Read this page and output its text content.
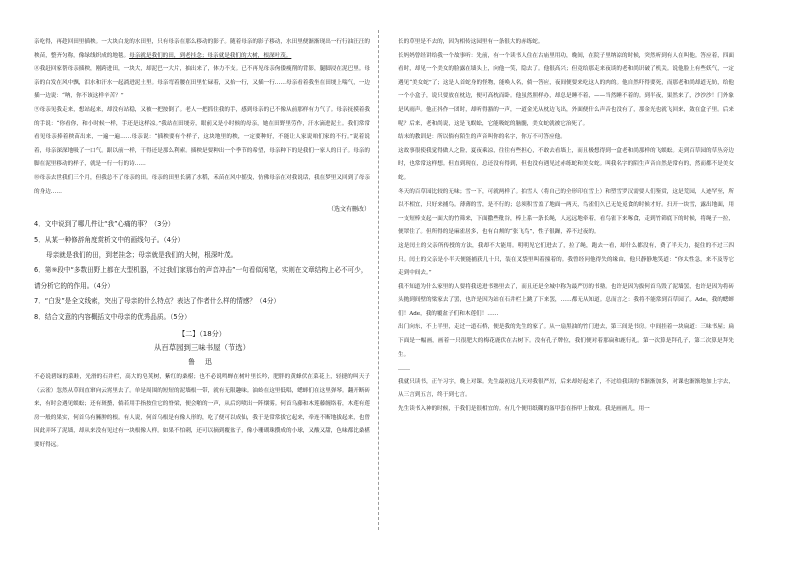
亲吃得，再趁回田里插秧。一大块白龙的水田里，只有母亲在那么移动的影子。随着母亲的影子移动，水田里便渐渐现出一行行油汪汪的秧苗，整齐匀称，像绿线织成的地毯。母亲就是我们的田，到老挂念；母亲就是我们的大树，根深叶茂。

⑧我赶回家帮母亲插秧，刚跨进田，一块大，却泥巴一大片，抽出来了，体力不支。已不再见母亲佝偻瘦削的背影，腿脚浸在泥巴里。母亲的白发在风中飘，泪水和汗水一起淌进泥土里。母亲弯着腰在田里忙碌着，又抬一行，又插一行……母亲看着我坐在田埂上喘气，一边插一边说：“呐，你不该这样辛苦？”

⑨母亲见我走来，想站起来，却没有站稳，又被一把按倒了。老人一把抓住我的手，感到母亲的已不像从前那样有力气了。母亲抚摸着我的手说：“你看你，和小时候一样，手还是这样凉。”我站在田埂旁，眼前又是小时候的母亲，她在田野里劳作，汗水滴进泥土。我们常常看见母亲捧着秧苗出来，一遍一遍……母亲说：“插秧要有个样子，这块地里的秧，一定要种好，不能让人家说咱们家的不行。”说着说着，母亲深深地吸了一口气。跟以前一样，干得还是那么利索。插秧是要种出一个季节的希望，母亲种下的是我们一家人的日子。母亲的脚在泥里移动的样子，就是一行一行的诗……

⑩母亲去世我们三个月，但我总不了母亲的田。母亲的田里长满了水稻，禾苗在风中摇曳，仿佛母亲在对我说话，我在梦里又回到了母亲的身边……

（选文有删改）

4．文中说到了哪几件让“我”心痛的事？（3分）

5．从某一种修辞角度赏析文中的画线句子。（4分）

母亲就是我们的田，到老挂念；母亲就是我们的大树，根深叶茂。

6．第⑨段中“多数田野上都在大型机器，不过我们家那台的声音冲击”一句看似闲笔，实则在文章结构上必不可少，请分析它的的作用。（4分）

7．“白发”是全文线索，突出了母亲的什么特点？表达了作者什么样的情感？（4分）

8．结合文意的内容概括文中母亲的优秀品质。（5分）

【二】（18分）

从百草园到三味书屋（节选）

鲁 迅

不必说碧绿的菜畦，光滑的石井栏，高大的皂荚树，紫红的桑椹；也不必说鸣蝉在树叶里长吟，肥胖的黄蜂伏在菜花上，轻捷的叫天子（云雀）忽然从草间直窜向云霄里去了。单是周围的短短的泥墙根一带，就有无限趣味。油蛉在这里低唱，蟋蟀们在这里弹琴。翻开断砖来，有时会遇见蜈蚣；还有斑蝥，倘若用手指按住它的脊梁，便会啪的一声，从后窍喷出一阵烟雾。何首乌藤和木莲藤缠络着，木莲有莲房一般的果实，何首乌有臃肿的根。有人说，何首乌根是有像人形的，吃了便可以成仙，我于是常常拔它起来，牵连不断地拔起来，也曾因此弄坏了泥墙，却从来没有见过有一块根像人样。如果不怕刺，还可以摘到覆盆子，像小珊瑚珠攒成的小球，又酸又甜，色味都比桑椹要好得远。

长的草里是不去的，因为相传这园里有一条很大的赤练蛇。

长妈妈曾经讲给我一个故事听：先前，有一个读书人住在古庙里用功，晚间，在院子里纳凉的时候，突然听到有人在叫他。答应着，四面看时，却见一个美女的脸露在墙头上，向他一笑，隐去了。他很高兴；但竟给那走来夜谈的老和尚识破了机关。说他脸上有些妖气，一定遇见“美女蛇”了；这是人首蛇身的怪物，能唤人名，倘一答应，夜间便要来吃这人的肉的。他自然吓得要死，而那老和尚却道无妨，给他一个小盒子，说只要放在枕边，便可高枕而卧。他虽然照样办，却总是睡不着，——当然睡不着的。到半夜，果然来了，沙沙沙！门外象是风雨声。他正抖作一团时，却听得豁的一声，一道金光从枕边飞出，外面便什么声音也没有了，那金光也就飞回来，敛在盒子里。后来呢？后来，老和尚说，这是飞蜈蚣，它能吸蛇的脑髓，美女蛇就被它治死了。

结末的教训是：所以倘有陌生的声音叫你的名字，你万不可答应他。

这故事很使我觉得做人之险，夏夜乘凉，往往有些担心，不敢去看墙上，而且极想得到一盒老和尚那样的飞蜈蚣。走到百草园的草丛旁边时，也常常这样想。但直到现在，总还没有得到，但也没有遇见过赤练蛇和美女蛇。叫我名字的陌生声音自然是常有的，然而都不是美女蛇。

冬天的百草园比较的无味；雪一下，可就两样了。拍雪人（将自己的全形印在雪上）和塑雪罗汉需要人们鉴赏，这是荒园，人迹罕至，所以不相宜，只好来捕鸟。薄薄的雪，是不行的；总须积雪盖了地面一两天，鸟雀们久已无处觅食的时候才好。扫开一块雪，露出地面，用一支短棒支起一面大的竹筛来，下面撒些秕谷，棒上系一条长绳，人远远地牵着，看鸟雀下来啄食，走到竹筛底下的时候，将绳子一拉，便罩住了。但所得的是麻雀居多，也有白颊的“张飞鸟”，性子很躁，养不过夜的。

这是闰土的父亲所传授的方法，我却不大能用。明明见它们进去了，拉了绳，跑去一看，却什么都没有，费了半天力，捉住的不过三四只。闰土的父亲是小半天便能捕获几十只，装在叉袋里叫着撞着的。我曾经问他得失的缘由，他只静静地笑道：“你太性急，来不及等它走到中间去。”

我不知道为什么家里的人要将我送进书塾里去了，而且还是全城中称为最严厉的书塾。也许是因为拔何首乌毁了泥墙罢，也许是因为将砖头抛到间壁的梁家去了罢，也许是因为站在石井栏上跳了下来罢，……都无从知道。总而言之：我将不能常到百草园了。Ade，我的蟋蟀们！Ade，我的覆盆子们和木莲们！……

出门向东，不上半里，走过一道石桥，便是我的先生的家了。从一扇黑油的竹门进去，第三间是书房。中间挂着一块扁道：三味书屋；扁下面是一幅画，画着一只很肥大的梅花鹿伏在古树下。没有孔子牌位，我们便对着那扁和鹿行礼。第一次算是拜孔子，第二次算是拜先生。

……

我就只读书，正午习字，晚上对课。先生最初这几天对我很严厉，后来却好起来了，不过给我读的书渐渐加多，对课也渐渐地加上字去，从三言到五言，终于到七言。

先生读书入神的时候，于我们是很相宜的。有几个便用纸糊的盔甲套在指甲上做戏。我是画画儿，用一
